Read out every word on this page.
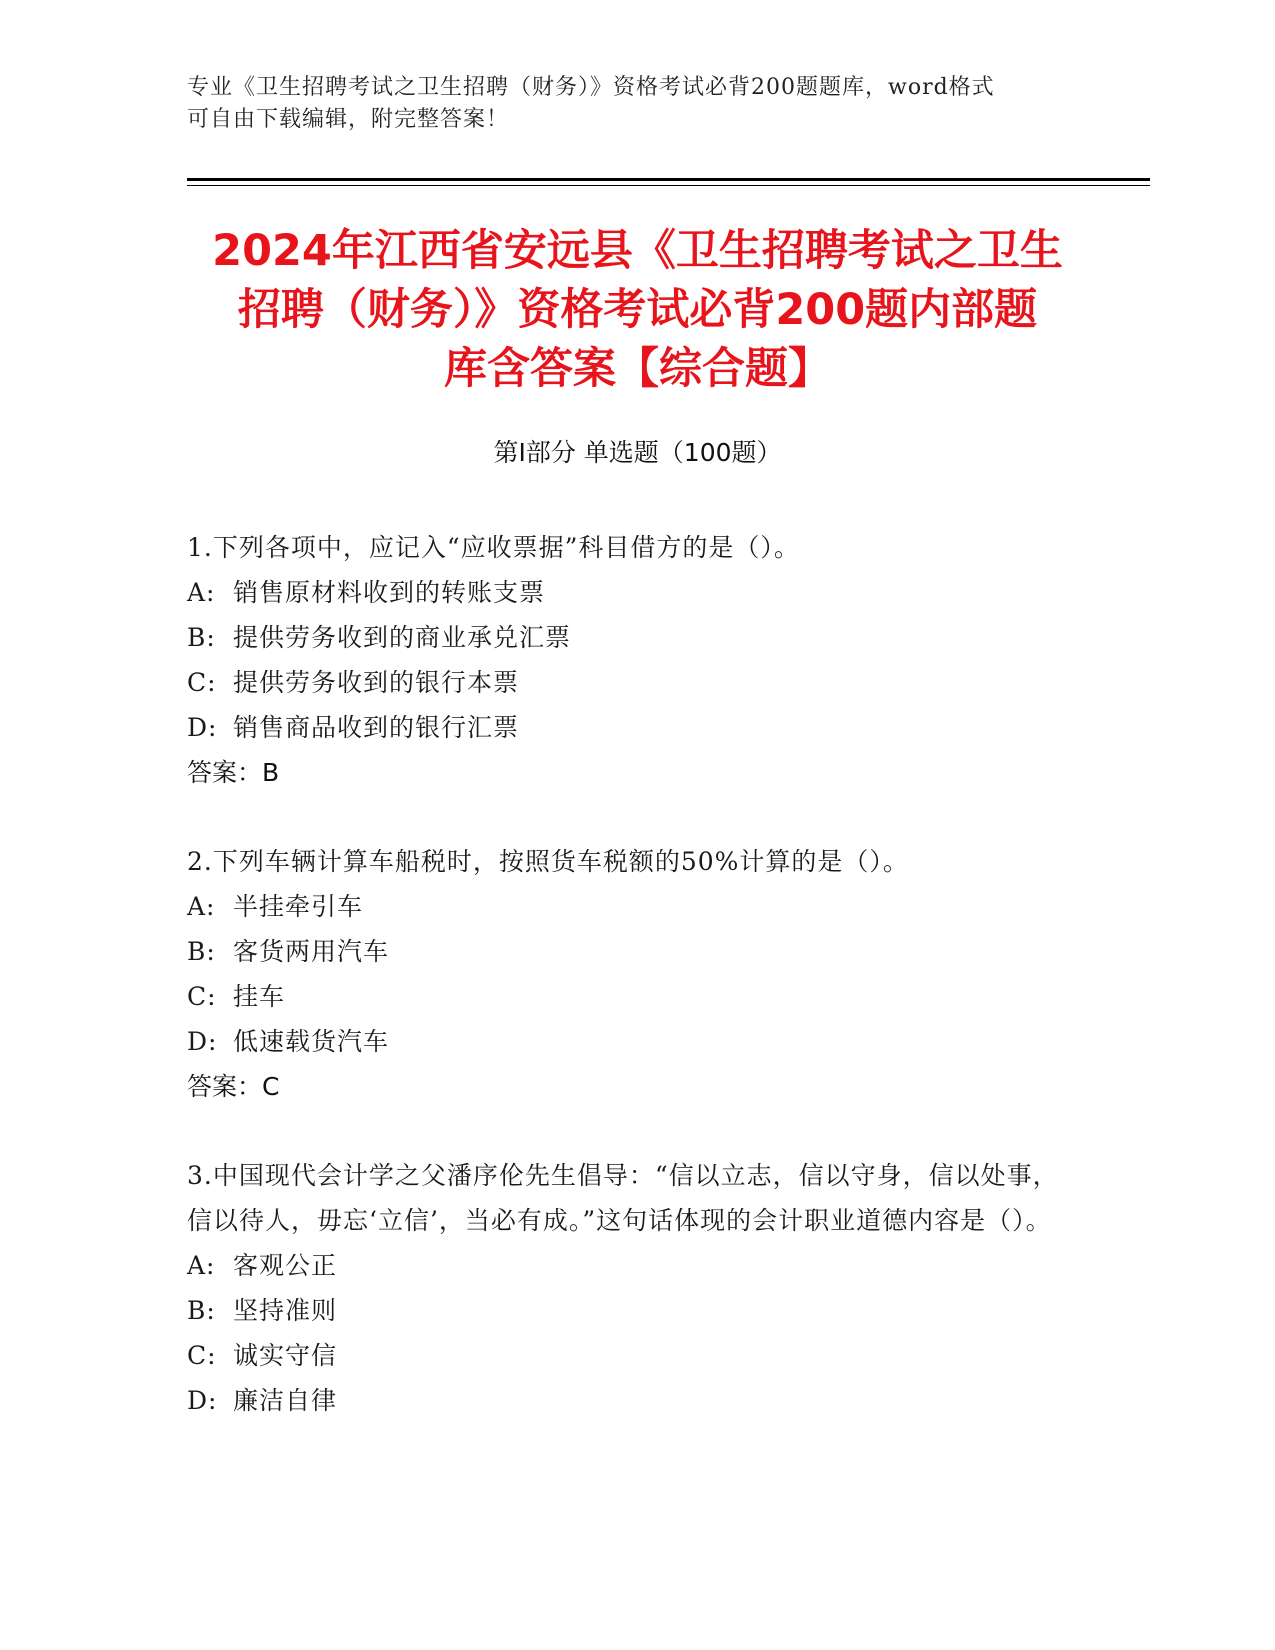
专业《卫生招聘考试之卫生招聘（财务）》资格考试必背200题题库，word格式
可自由下载编辑，附完整答案！
2024年江西省安远县《卫生招聘考试之卫生
招聘（财务）》资格考试必背200题内部题
库含答案【综合题】
第Ⅰ部分 单选题（100题）
1.下列各项中，应记入“应收票据”科目借方的是（）。
A: 销售原材料收到的转账支票
B: 提供劳务收到的商业承兑汇票
C: 提供劳务收到的银行本票
D: 销售商品收到的银行汇票
答案：B
2.下列车辆计算车船税时，按照货车税额的50%计算的是（）。
A: 半挂牵引车
B: 客货两用汽车
C: 挂车
D: 低速载货汽车
答案：C
3.中国现代会计学之父潘序伦先生倡导：“信以立志，信以守身，信以处事，信以待人，毋忘‘立信’，当必有成。”这句话体现的会计职业道德内容是（）。
A: 客观公正
B: 坚持准则
C: 诚实守信
D: 廉洁自律
